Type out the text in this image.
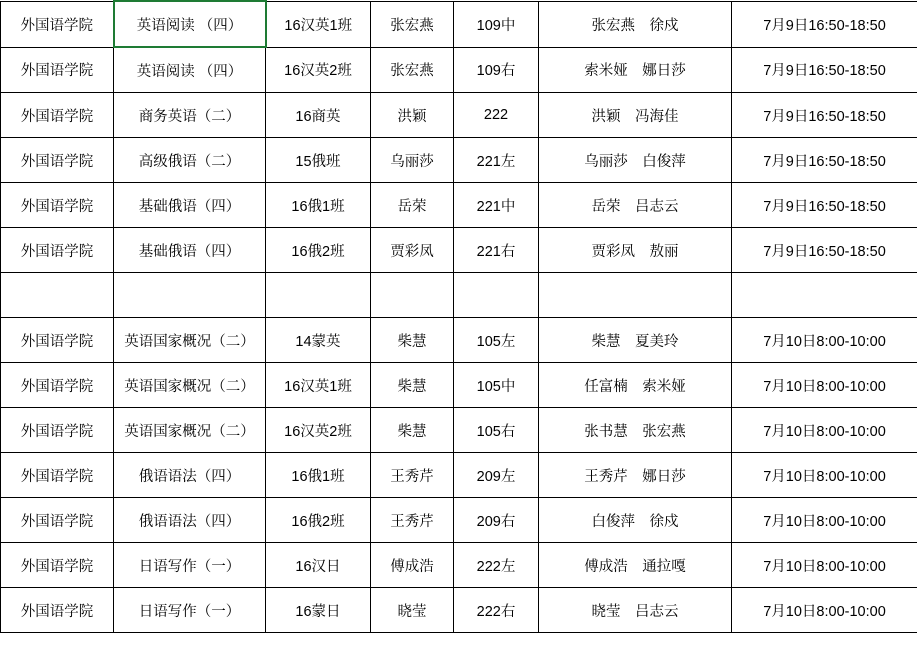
外国语学院	英语阅读 （四）	16汉英1班	张宏燕	109中	张宏燕　徐戍	7月9日16:50-18:50
外国语学院	英语阅读 （四）	16汉英2班	张宏燕	109右	索米娅　娜日莎	7月9日16:50-18:50
外国语学院	商务英语（二）	16商英	洪颖	222	洪颖　冯海佳	7月9日16:50-18:50
外国语学院	高级俄语（二）	15俄班	乌丽莎	221左	乌丽莎　白俊萍	7月9日16:50-18:50
外国语学院	基础俄语（四）	16俄1班	岳荣	221中	岳荣　吕志云	7月9日16:50-18:50
外国语学院	基础俄语（四）	16俄2班	贾彩凤	221右	贾彩凤　敖丽	7月9日16:50-18:50

外国语学院	英语国家概况（二）	14蒙英	柴慧	105左	柴慧　夏美玲	7月10日8:00-10:00
外国语学院	英语国家概况（二）	16汉英1班	柴慧	105中	任富楠　索米娅	7月10日8:00-10:00
外国语学院	英语国家概况（二）	16汉英2班	柴慧	105右	张书慧　张宏燕	7月10日8:00-10:00
外国语学院	俄语语法（四）	16俄1班	王秀芹	209左	王秀芹　娜日莎	7月10日8:00-10:00
外国语学院	俄语语法（四）	16俄2班	王秀芹	209右	白俊萍　徐戍	7月10日8:00-10:00
外国语学院	日语写作（一）	16汉日	傅成浩	222左	傅成浩　通拉嘎	7月10日8:00-10:00
外国语学院	日语写作（一）	16蒙日	晓莹	222右	晓莹　吕志云	7月10日8:00-10:00
